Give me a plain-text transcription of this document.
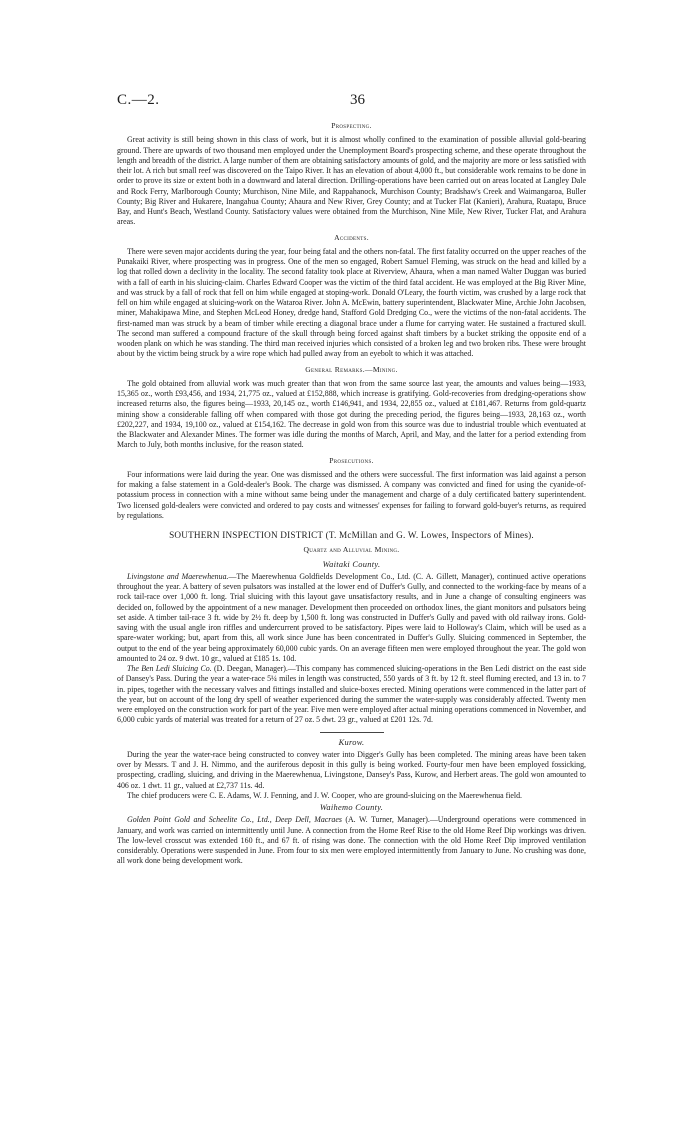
C.—2.	36
Prospecting.

Great activity is still being shown in this class of work, but it is almost wholly confined to the examination of possible alluvial gold-bearing ground. There are upwards of two thousand men employed under the Unemployment Board's prospecting scheme, and these operate throughout the length and breadth of the district. A large number of them are obtaining satisfactory amounts of gold, and the majority are more or less satisfied with their lot. A rich but small reef was discovered on the Taipo River. It has an elevation of about 4,000 ft., but considerable work remains to be done in order to prove its size or extent both in a downward and lateral direction. Drilling-operations have been carried out on areas located at Langley Dale and Rock Ferry, Marlborough County; Murchison, Nine Mile, and Rappahanock, Murchison County; Bradshaw's Creek and Waimangaroa, Buller County; Big River and Hukarere, Inangahua County; Ahaura and New River, Grey County; and at Tucker Flat (Kanieri), Arahura, Ruatapu, Bruce Bay, and Hunt's Beach, Westland County. Satisfactory values were obtained from the Murchison, Nine Mile, New River, Tucker Flat, and Arahura areas.

Accidents.

There were seven major accidents during the year, four being fatal and the others non-fatal. The first fatality occurred on the upper reaches of the Punakaiki River, where prospecting was in progress. One of the men so engaged, Robert Samuel Fleming, was struck on the head and killed by a log that rolled down a declivity in the locality. The second fatality took place at Riverview, Ahaura, when a man named Walter Duggan was buried with a fall of earth in his sluicing-claim. Charles Edward Cooper was the victim of the third fatal accident. He was employed at the Big River Mine, and was struck by a fall of rock that fell on him while engaged at stoping-work. Donald O'Leary, the fourth victim, was crushed by a large rock that fell on him while engaged at sluicing-work on the Wataroa River. John A. McEwin, battery superintendent, Blackwater Mine, Archie John Jacobsen, miner, Mahakipawa Mine, and Stephen McLeod Honey, dredge hand, Stafford Gold Dredging Co., were the victims of the non-fatal accidents. The first-named man was struck by a beam of timber while erecting a diagonal brace under a flume for carrying water. He sustained a fractured skull. The second man suffered a compound fracture of the skull through being forced against shaft timbers by a bucket striking the opposite end of a wooden plank on which he was standing. The third man received injuries which consisted of a broken leg and two broken ribs. These were brought about by the victim being struck by a wire rope which had pulled away from an eyebolt to which it was attached.

General Remarks.—Mining.

The gold obtained from alluvial work was much greater than that won from the same source last year, the amounts and values being—1933, 15,365 oz., worth £93,456, and 1934, 21,775 oz., valued at £152,888, which increase is gratifying. Gold-recoveries from dredging-operations show increased returns also, the figures being—1933, 20,145 oz., worth £146,941, and 1934, 22,855 oz., valued at £181,467. Returns from gold-quartz mining show a considerable falling off when compared with those got during the preceding period, the figures being—1933, 28,163 oz., worth £202,227, and 1934, 19,100 oz., valued at £154,162. The decrease in gold won from this source was due to industrial trouble which eventuated at the Blackwater and Alexander Mines. The former was idle during the months of March, April, and May, and the latter for a period extending from March to July, both months inclusive, for the reason stated.

Prosecutions.

Four informations were laid during the year. One was dismissed and the others were successful. The first information was laid against a person for making a false statement in a Gold-dealer's Book. The charge was dismissed. A company was convicted and fined for using the cyanide-of-potassium process in connection with a mine without same being under the management and charge of a duly certificated battery superintendent. Two licensed gold-dealers were convicted and ordered to pay costs and witnesses' expenses for failing to forward gold-buyer's returns, as required by regulations.

SOUTHERN INSPECTION DISTRICT (T. McMillan and G. W. Lowes, Inspectors of Mines).
Quartz and Alluvial Mining.
Waitaki County.

Livingstone and Maerewhenua.—The Maerewhenua Goldfields Development Co., Ltd. (C. A. Gillett, Manager), continued active operations throughout the year. A battery of seven pulsators was installed at the lower end of Duffer's Gully, and connected to the working-face by means of a rock tail-race over 1,000 ft. long. Trial sluicing with this layout gave unsatisfactory results, and in June a change of consulting engineers was decided on, followed by the appointment of a new manager. Development then proceeded on orthodox lines, the giant monitors and pulsators being set aside. A timber tail-race 3 ft. wide by 2½ ft. deep by 1,500 ft. long was constructed in Duffer's Gully and paved with old railway irons. Gold-saving with the usual angle iron riffles and undercurrent proved to be satisfactory. Pipes were laid to Holloway's Claim, which will be used as a spare-water working; but, apart from this, all work since June has been concentrated in Duffer's Gully. Sluicing commenced in September, the output to the end of the year being approximately 60,000 cubic yards. On an average fifteen men were employed throughout the year. The gold won amounted to 24 oz. 9 dwt. 10 gr., valued at £185 1s. 10d.

The Ben Ledi Sluicing Co. (D. Deegan, Manager).—This company has commenced sluicing-operations in the Ben Ledi district on the east side of Dansey's Pass. During the year a water-race 5¼ miles in length was constructed, 550 yards of 3 ft. by 12 ft. steel fluming erected, and 13 in. to 7 in. pipes, together with the necessary valves and fittings installed and sluice-boxes erected. Mining operations were commenced in the latter part of the year, but on account of the long dry spell of weather experienced during the summer the water-supply was considerably affected. Twenty men were employed on the construction work for part of the year. Five men were employed after actual mining operations commenced in November, and 6,000 cubic yards of material was treated for a return of 27 oz. 5 dwt. 23 gr., valued at £201 12s. 7d.

Kurow.

During the year the water-race being constructed to convey water into Digger's Gully has been completed. The mining areas have been taken over by Messrs. T and J. H. Nimmo, and the auriferous deposit in this gully is being worked. Fourty-four men have been employed fossicking, prospecting, cradling, sluicing, and driving in the Maerewhenua, Livingstone, Dansey's Pass, Kurow, and Herbert areas. The gold won amounted to 406 oz. 1 dwt. 11 gr., valued at £2,737 11s. 4d.

The chief producers were C. E. Adams, W. J. Fenning, and J. W. Cooper, who are ground-sluicing on the Maerewhenua field.

Waihemo County.

Golden Point Gold and Scheelite Co., Ltd., Deep Dell, Macraes (A. W. Turner, Manager).—Underground operations were commenced in January, and work was carried on intermittently until June. A connection from the Home Reef Rise to the old Home Reef Dip workings was driven. The low-level crosscut was extended 160 ft., and 67 ft. of rising was done. The connection with the old Home Reef Dip improved ventilation considerably. Operations were suspended in June. From four to six men were employed intermittently from January to June. No crushing was done, all work done being development work.
